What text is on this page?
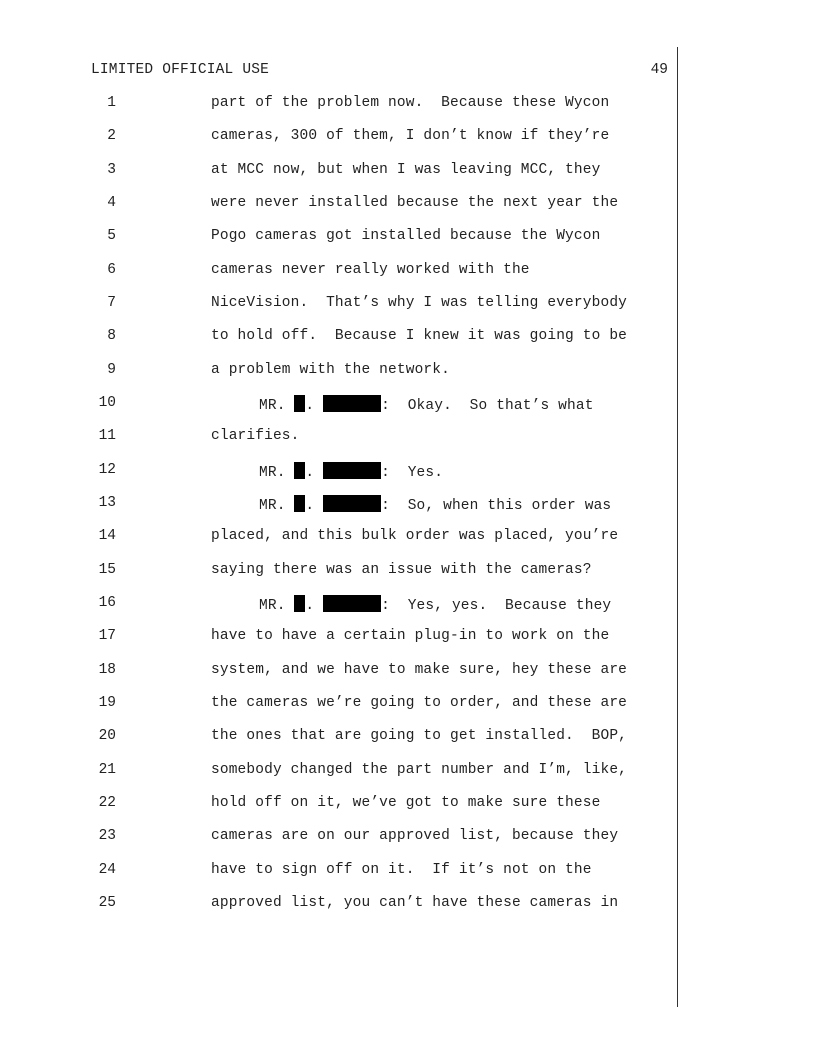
LIMITED OFFICIAL USE	49
1	part of the problem now.  Because these Wycon
2	cameras, 300 of them, I don’t know if they’re
3	at MCC now, but when I was leaving MCC, they
4	were never installed because the next year the
5	Pogo cameras got installed because the Wycon
6	cameras never really worked with the
7	NiceVision.  That’s why I was telling everybody
8	to hold off.  Because I knew it was going to be
9	a problem with the network.
10	MR. .	:  Okay.  So that’s what
11	clarifies.
12	MR. .	:  Yes.
13	MR. .	:  So, when this order was
14	placed, and this bulk order was placed, you’re
15	saying there was an issue with the cameras?
16	MR. .	:  Yes, yes.  Because they
17	have to have a certain plug-in to work on the
18	system, and we have to make sure, hey these are
19	the cameras we’re going to order, and these are
20	the ones that are going to get installed.  BOP,
21	somebody changed the part number and I’m, like,
22	hold off on it, we’ve got to make sure these
23	cameras are on our approved list, because they
24	have to sign off on it.  If it’s not on the
25	approved list, you can’t have these cameras in
